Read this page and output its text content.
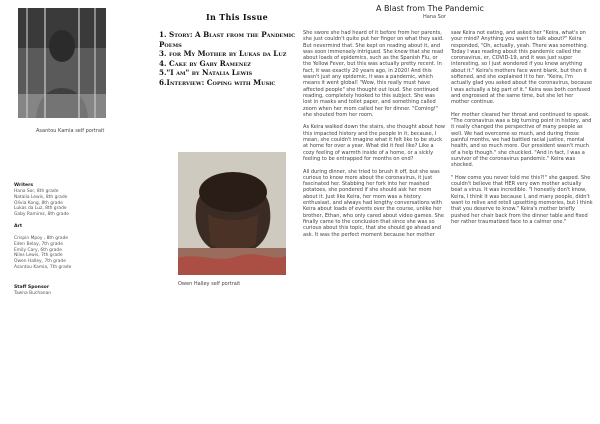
Asantou Kamia self portrait
Writers
Hana Sor, 8th grade
Natalia Lewis, 8th grade
Olivia Kong, 8th grade
Lukas da Luz, 8th grade
Gaby Ramirez, 8th grade
Art
Crispin Mpoy , 8th grade
Eden Belay, 7th grade
Emily Cary, 6th grade
Niles Lewis, 7th grade
Owen Halley, 7th grade
Asantou Kamia, 7th grade
Staff Sponsor
Tawna Buchanan
In This Issue
1. Story: A Blast from the Pandemic
Poems
3. for My Mother by Lukas da Luz
4. Cake by Gaby Ramenez
5."I am" by Natalia Lewis
6.Interview: Coping with Music
Owen Halley self portrait
A Blast from The Pandemic
Hana Sor

She swore she had heard of it before from her parents, she just couldn't quite put her finger on what they said. But nevermind that. She kept on reading about it, and was soon immensely intrigued. She knew that she read about loads of epidemics, such as the Spanish Flu, or the Yellow Fever, but this was actually pretty recent. In fact, it was exactly 20 years ago, in 2020! And this wasn't just any epidemic, it was a pandemic, which means it went global! "Wow, this really must have affected people" she thought out loud. She continued reading, completely hooked to this subject. She was lost in masks and toilet paper, and something called zoom when her mom called her for dinner. "Coming!" she shouted from her room.

As Keira walked down the stairs, she thought about how this impacted history and the people in it, because, I mean, she couldn't imagine what it felt like to be stuck at home for over a year. What did it feel like? Like a cozy feeling of warmth inside of a home, or a sickly feeling to be entrapped for months on end?

All during dinner, she tried to brush it off, but she was curious to know more about the coronavirus, it just fascinated her. Stabbing her fork into her mashed potatoes, she pondered if she should ask her mom about it. Just like Keira, her mom was a history enthusiast, and always had lengthy conversations with Keira about loads of events over the course, unlike her brother, Ethan, who only cared about video games. She finally came to the conclusion that since she was so curious about this topic, that she should go ahead and ask. It was the perfect moment because her mother

saw Keira not eating, and asked her "Keira, what's on your mind? Anything you want to talk about?" Keira responded, "Oh, actually, yeah. There was something. Today I was reading about this pandemic called the coronavirus, er, COVID-19, and it was just super interesting, so I just wondered if you knew anything about it." Keira's mothers face went blank, but then it softened, and she explained it to her. "Keira, I'm actually glad you asked about the coronavirus, because I was actually a big part of it." Keira was both confused and engrossed at the same time, but she let her mother continue.

Her mother cleared her throat and continued to speak. "The coronavirus was a big turning point in history, and it really changed the perspective of many people as well. We had overcome so much, and during those painful months, we had battled racial justice, mental health, and so much more. Our president wasn't much of a help though." she chuckled. "And in fact, I was a survivor of the coronavirus pandemic." Keira was shocked.

" How come you never told me this?!" she gasped. She couldn't believe that HER very own mother actually beat a virus. It was incredible. "I honestly don't know, Keira, I think it was because I, and many people, didn't want to relive and retell upsetting memories, but I think that you deserve to know." Keira's mother briefly pushed her chair back from the dinner table and fixed her rather traumatized face to a calmer one."
